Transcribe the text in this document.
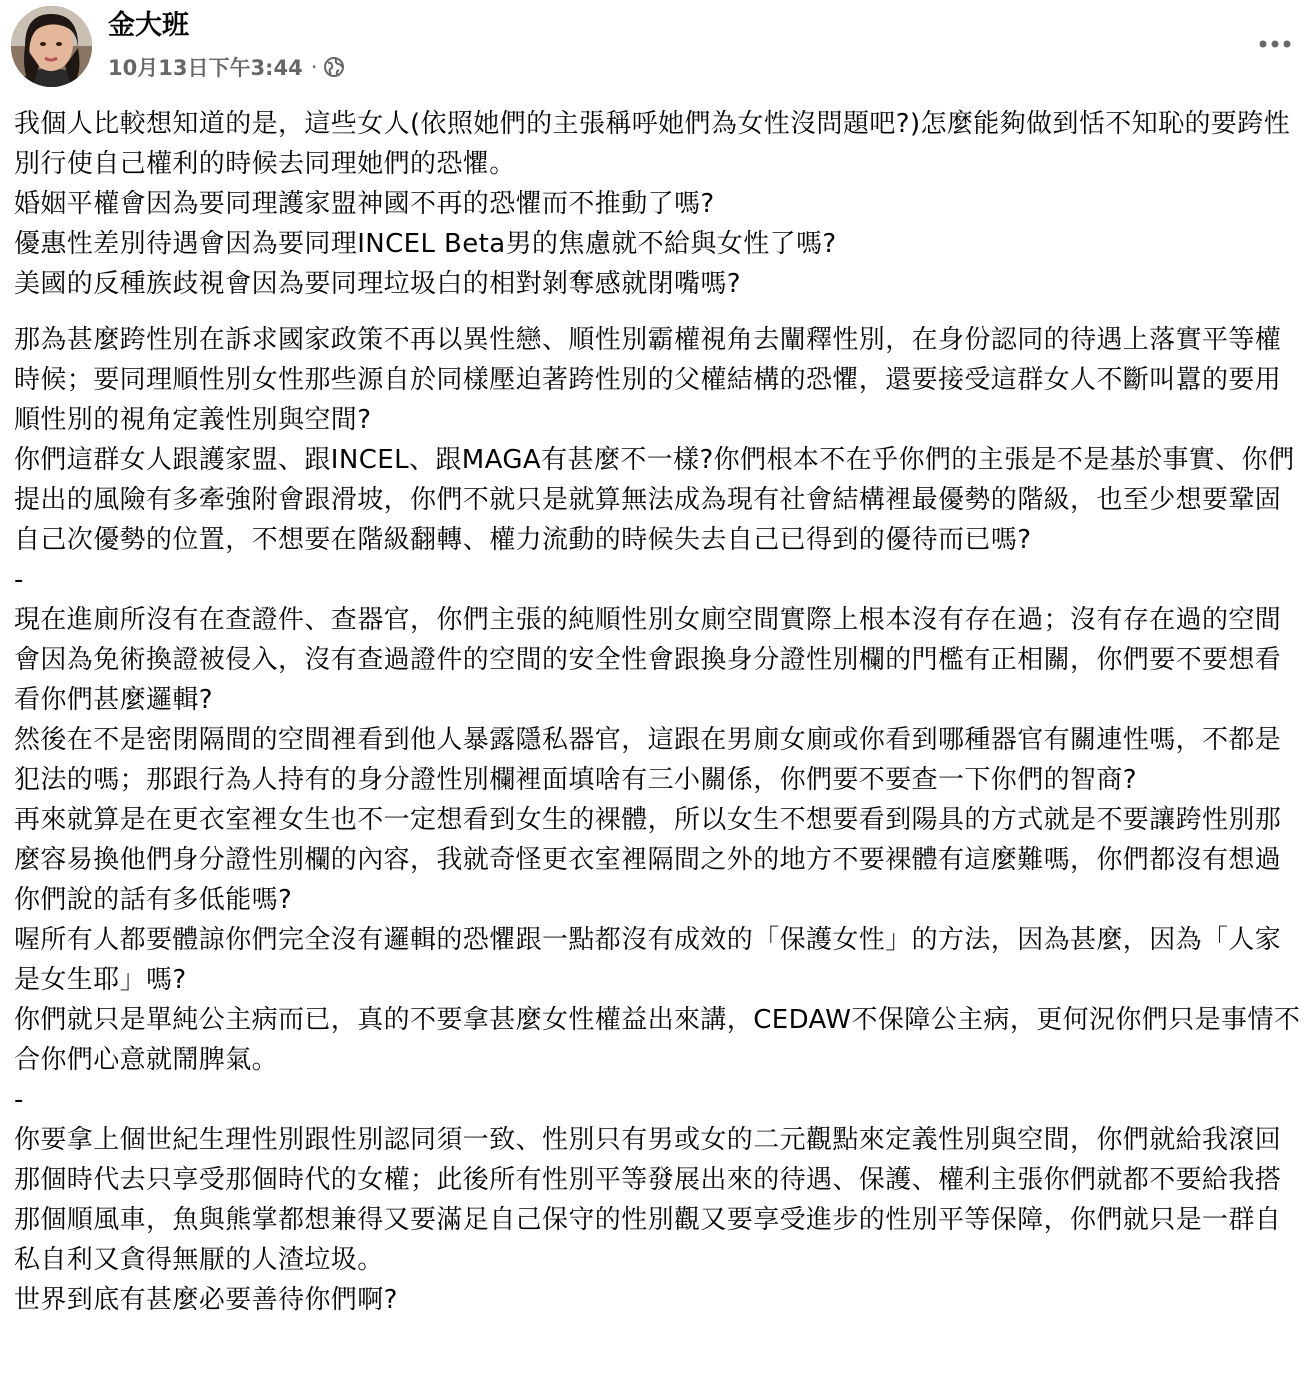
金大班
10月13日下午3:44 ·

我個人比較想知道的是，這些女人(依照她們的主張稱呼她們為女性沒問題吧?)怎麼能夠做到恬不知恥的要跨性別行使自己權利的時候去同理她們的恐懼。

婚姻平權會因為要同理護家盟神國不再的恐懼而不推動了嗎?

優惠性差別待遇會因為要同理INCEL Beta男的焦慮就不給與女性了嗎?

美國的反種族歧視會因為要同理垃圾白的相對剝奪感就閉嘴嗎?

那為甚麼跨性別在訴求國家政策不再以異性戀、順性別霸權視角去闡釋性別，在身份認同的待遇上落實平等權時候；要同理順性別女性那些源自於同樣壓迫著跨性別的父權結構的恐懼，還要接受這群女人不斷叫囂的要用順性別的視角定義性別與空間?

你們這群女人跟護家盟、跟INCEL、跟MAGA有甚麼不一樣?你們根本不在乎你們的主張是不是基於事實、你們提出的風險有多牽強附會跟滑坡，你們不就只是就算無法成為現有社會結構裡最優勢的階級，也至少想要鞏固自己次優勢的位置，不想要在階級翻轉、權力流動的時候失去自己已得到的優待而已嗎?

-

現在進廁所沒有在查證件、查器官，你們主張的純順性別女廁空間實際上根本沒有存在過；沒有存在過的空間會因為免術換證被侵入，沒有查過證件的空間的安全性會跟換身分證性別欄的門檻有正相關，你們要不要想看看你們甚麼邏輯?

然後在不是密閉隔間的空間裡看到他人暴露隱私器官，這跟在男廁女廁或你看到哪種器官有關連性嗎，不都是犯法的嗎；那跟行為人持有的身分證性別欄裡面填啥有三小關係，你們要不要查一下你們的智商?

再來就算是在更衣室裡女生也不一定想看到女生的裸體，所以女生不想要看到陽具的方式就是不要讓跨性別那麼容易換他們身分證性別欄的內容，我就奇怪更衣室裡隔間之外的地方不要裸體有這麼難嗎，你們都沒有想過你們說的話有多低能嗎?

喔所有人都要體諒你們完全沒有邏輯的恐懼跟一點都沒有成效的「保護女性」的方法，因為甚麼，因為「人家是女生耶」嗎?

你們就只是單純公主病而已，真的不要拿甚麼女性權益出來講，CEDAW不保障公主病，更何況你們只是事情不合你們心意就鬧脾氣。

-

你要拿上個世紀生理性別跟性別認同須一致、性別只有男或女的二元觀點來定義性別與空間，你們就給我滾回那個時代去只享受那個時代的女權；此後所有性別平等發展出來的待遇、保護、權利主張你們就都不要給我搭那個順風車，魚與熊掌都想兼得又要滿足自己保守的性別觀又要享受進步的性別平等保障，你們就只是一群自私自利又貪得無厭的人渣垃圾。

世界到底有甚麼必要善待你們啊?
